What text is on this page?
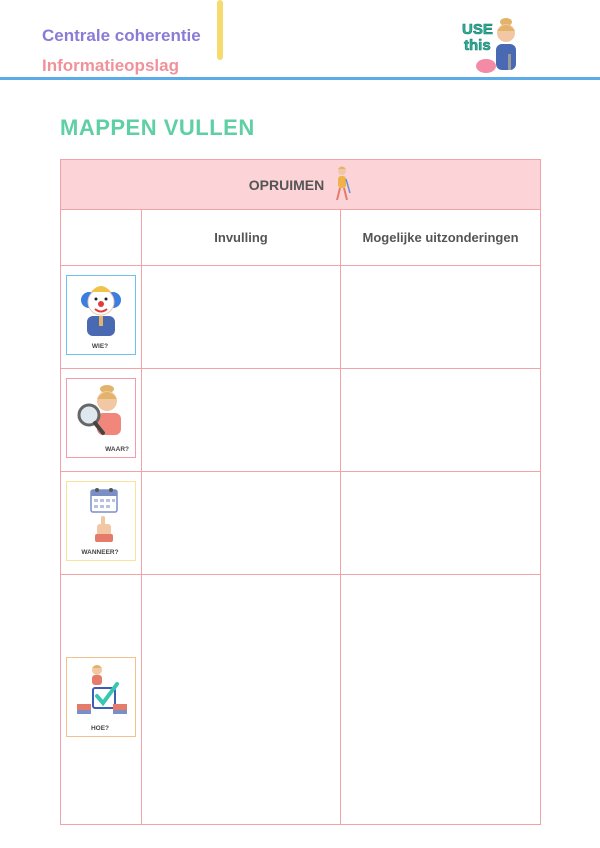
Centrale coherentie
Informatieopslag
USE
this
MAPPEN VULLEN
OPRUIMEN		

	Invulling	Mogelijke uitzonderingen

WIE?		

WAAR?		

WANNEER?		

HOE?		
